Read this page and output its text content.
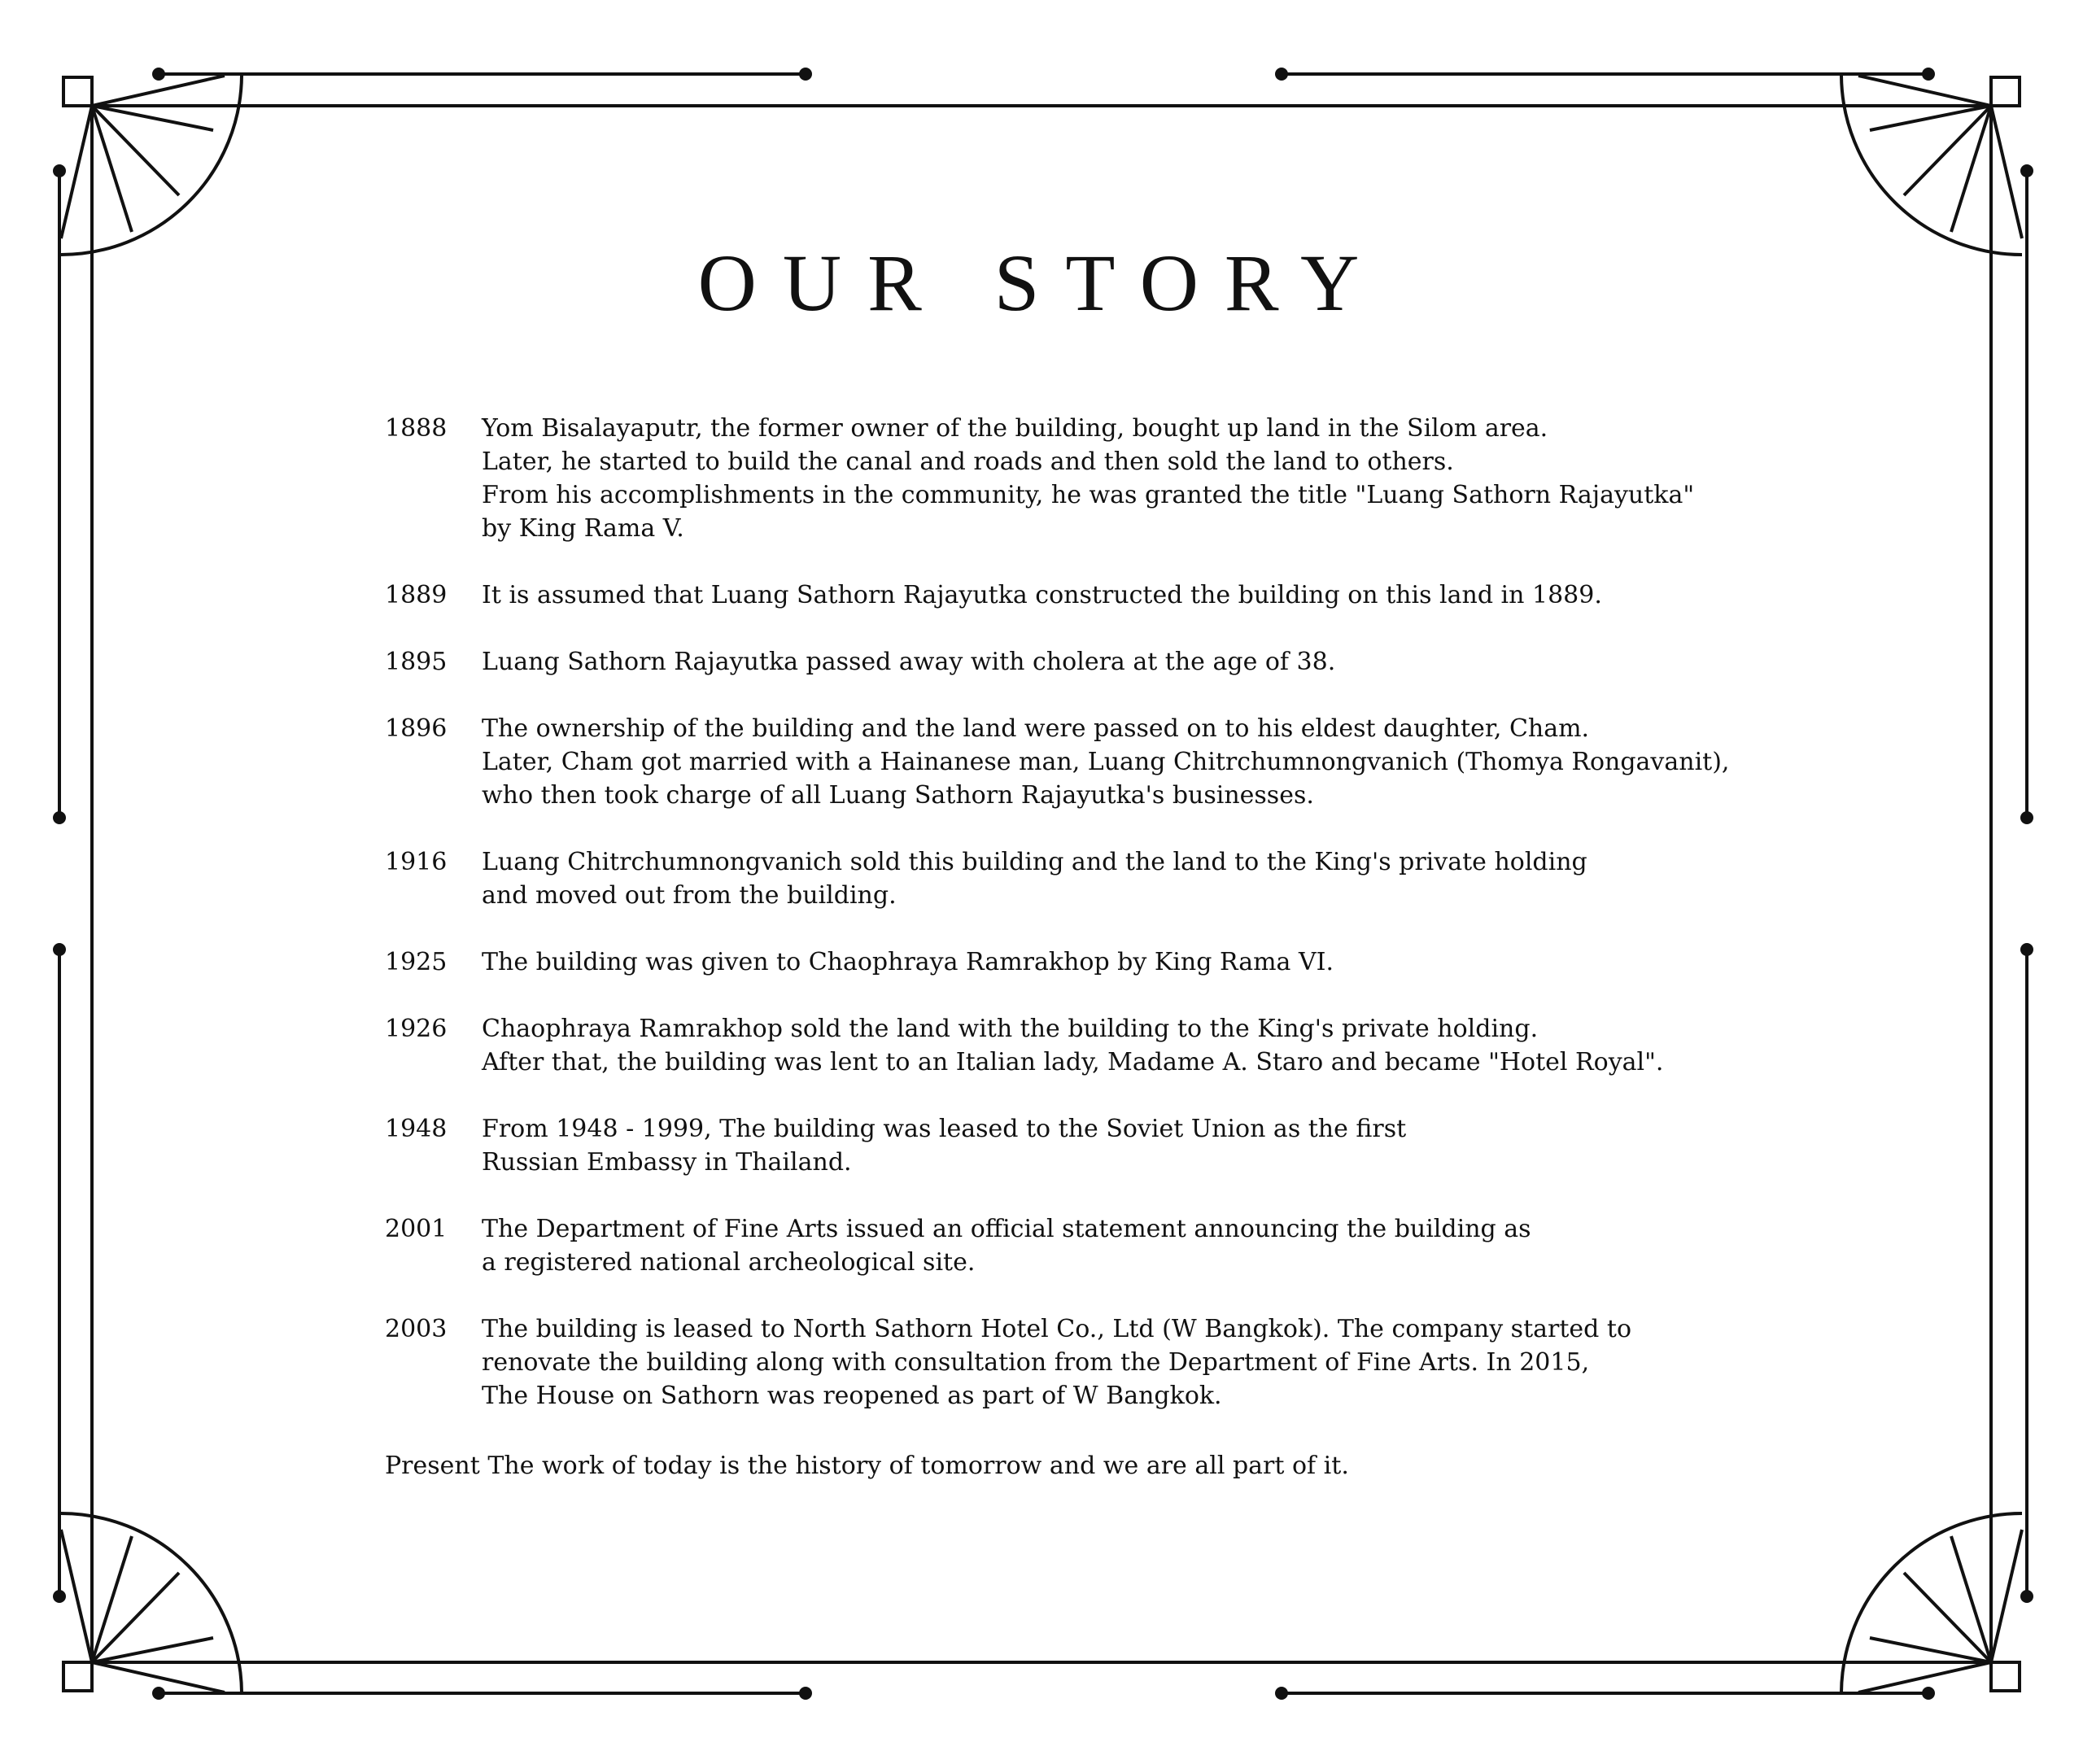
OUR STORY
1888	Yom Bisalayaputr, the former owner of the building, bought up land in the Silom area.
Later, he started to build the canal and roads and then sold the land to others.
From his accomplishments in the community, he was granted the title "Luang Sathorn Rajayutka"
by King Rama V.
1889	It is assumed that Luang Sathorn Rajayutka constructed the building on this land in 1889.
1895	Luang Sathorn Rajayutka passed away with cholera at the age of 38.
1896	The ownership of the building and the land were passed on to his eldest daughter, Cham.
Later, Cham got married with a Hainanese man, Luang Chitrchumnongvanich (Thomya Rongavanit),
who then took charge of all Luang Sathorn Rajayutka's businesses.
1916	Luang Chitrchumnongvanich sold this building and the land to the King's private holding
and moved out from the building.
1925	The building was given to Chaophraya Ramrakhop by King Rama VI.
1926	Chaophraya Ramrakhop sold the land with the building to the King's private holding.
After that, the building was lent to an Italian lady, Madame A. Staro and became "Hotel Royal".
1948	From 1948 - 1999, The building was leased to the Soviet Union as the first
Russian Embassy in Thailand.
2001	The Department of Fine Arts issued an official statement announcing the building as
a registered national archeological site.
2003	The building is leased to North Sathorn Hotel Co., Ltd (W Bangkok). The company started to
renovate the building along with consultation from the Department of Fine Arts. In 2015,
The House on Sathorn was reopened as part of W Bangkok.
Present The work of today is the history of tomorrow and we are all part of it.
